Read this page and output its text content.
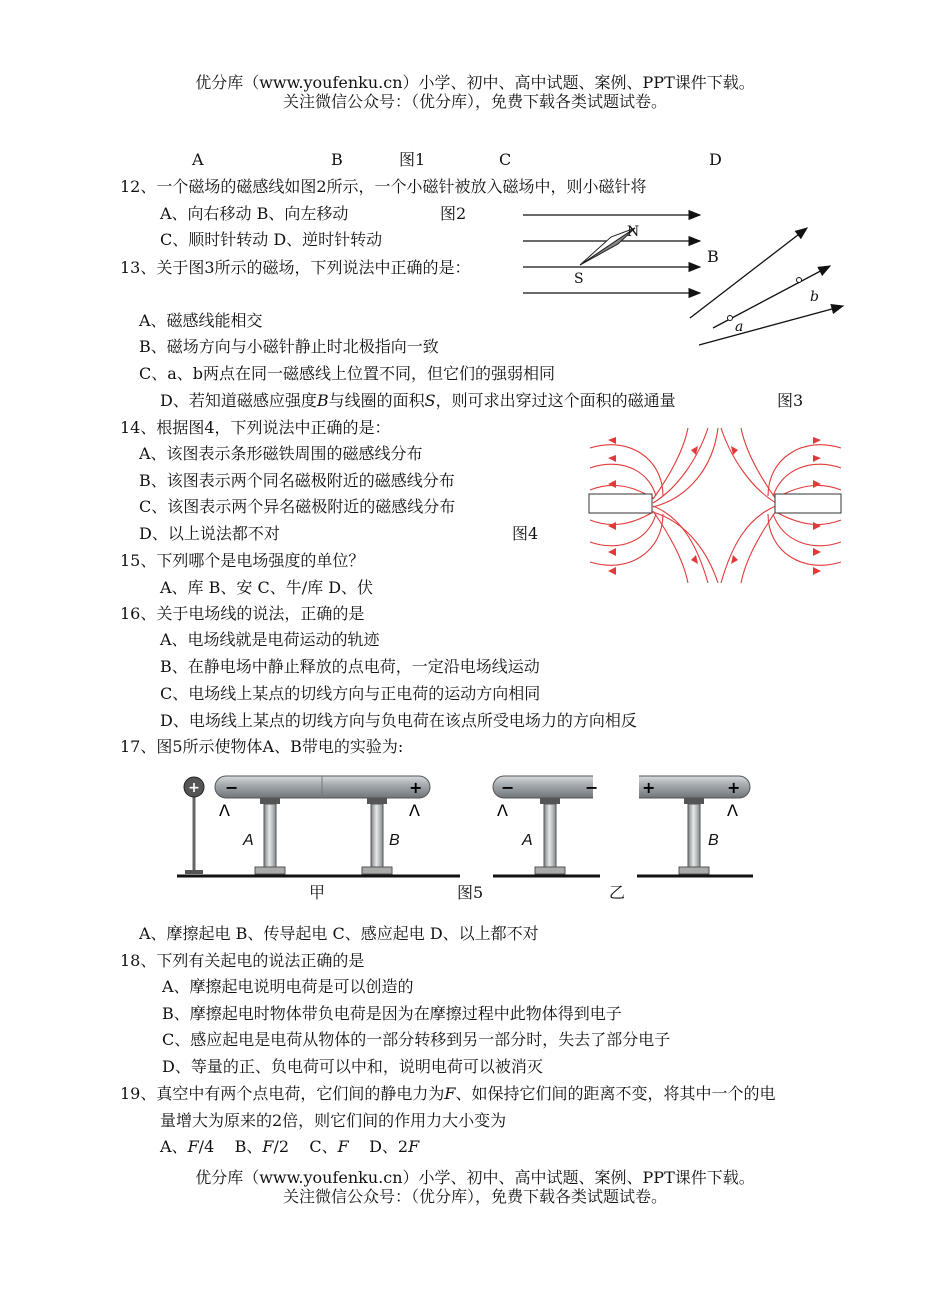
优分库（www.youfenku.cn）小学、初中、高中试题、案例、PPT课件下载。
关注微信公众号：（优分库），免费下载各类试题试卷。
A	B	图1	C	D
12、一个磁场的磁感线如图2所示，一个小磁针被放入磁场中，则小磁针将
A、向右移动 B、向左移动	图2
C、顺时针转动 D、逆时针转动	N
S
B
b
a
13、关于图3所示的磁场，下列说法中正确的是：
A、磁感线能相交
B、磁场方向与小磁针静止时北极指向一致
C、a、b两点在同一磁感线上位置不同，但它们的强弱相同
D、若知道磁感应强度B与线圈的面积S，则可求出穿过这个面积的磁通量	图3
14、根据图4，下列说法中正确的是：
A、该图表示条形磁铁周围的磁感线分布
B、该图表示两个同名磁极附近的磁感线分布
C、该图表示两个异名磁极附近的磁感线分布
D、以上说法都不对	图4
15、下列哪个是电场强度的单位？
A、库 B、安 C、牛/库 D、伏
16、关于电场线的说法，正确的是
A、电场线就是电荷运动的轨迹
B、在静电场中静止释放的点电荷，一定沿电场线运动
C、电场线上某点的切线方向与正电荷的运动方向相同
D、电场线上某点的切线方向与负电荷在该点所受电场力的方向相反
17、图5所示使物体A、B带电的实验为:
+ −	+
Λ	Λ
−	−
Λ
+	+
Λ
A	B	A	B
甲	图5	乙
A、摩擦起电 B、传导起电 C、感应起电 D、以上都不对
18、下列有关起电的说法正确的是
A、摩擦起电说明电荷是可以创造的
B、摩擦起电时物体带负电荷是因为在摩擦过程中此物体得到电子
C、感应起电是电荷从物体的一部分转移到另一部分时，失去了部分电子
D、等量的正、负电荷可以中和，说明电荷可以被消灭
19、真空中有两个点电荷，它们间的静电力为F、如保持它们间的距离不变，将其中一个的电
量增大为原来的2倍，则它们间的作用力大小变为
A、F/4    B、F/2    C、F    D、2F
优分库（www.youfenku.cn）小学、初中、高中试题、案例、PPT课件下载。
关注微信公众号：（优分库），免费下载各类试题试卷。
